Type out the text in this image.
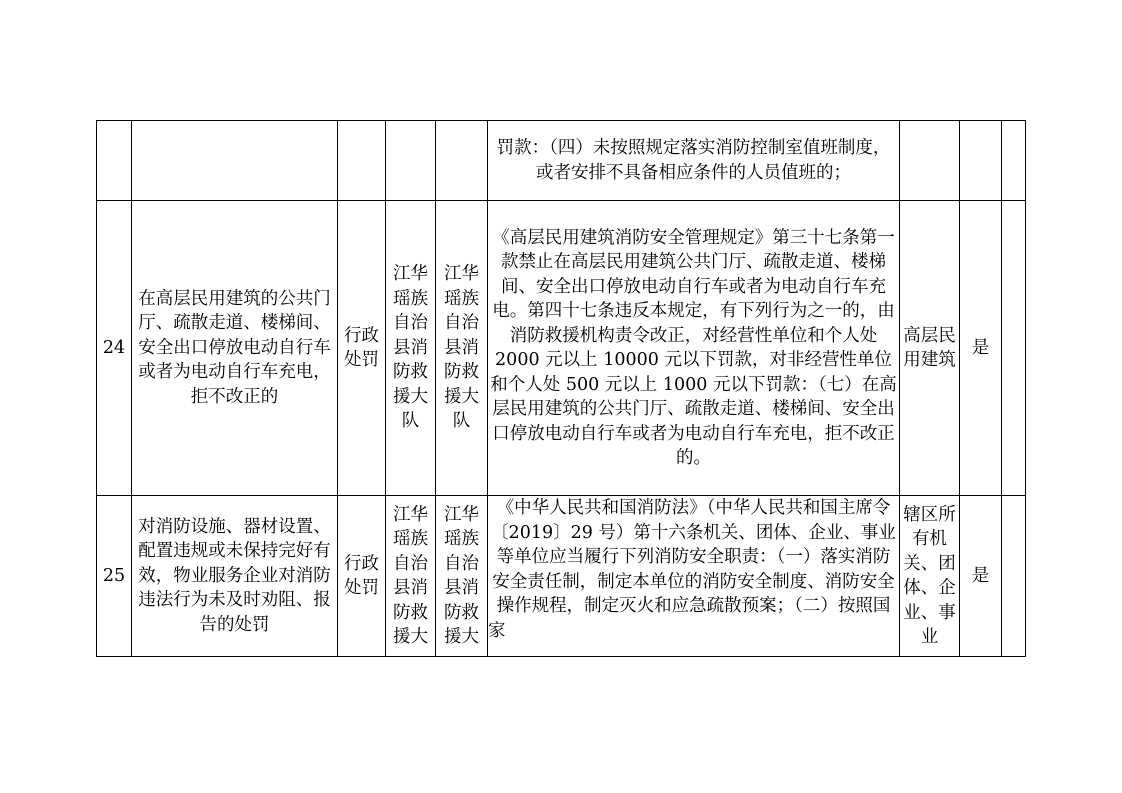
					罚款：（四）未按照规定落实消防控制室值班制度，或者安排不具备相应条件的人员值班的；			
24	在高层民用建筑的公共门厅、疏散走道、楼梯间、安全出口停放电动自行车或者为电动自行车充电，拒不改正的	行政处罚	江华瑶族自治县消防救援大队	江华瑶族自治县消防救援大队	《高层民用建筑消防安全管理规定》第三十七条第一款禁止在高层民用建筑公共门厅、疏散走道、楼梯间、安全出口停放电动自行车或者为电动自行车充电。第四十七条违反本规定，有下列行为之一的，由消防救援机构责令改正，对经营性单位和个人处 2000 元以上 10000 元以下罚款，对非经营性单位和个人处 500 元以上 1000 元以下罚款：（七）在高层民用建筑的公共门厅、疏散走道、楼梯间、安全出口停放电动自行车或者为电动自行车充电，拒不改正的。	高层民用建筑	是	
25	对消防设施、器材设置、配置违规或未保持完好有效，物业服务企业对消防违法行为未及时劝阻、报告的处罚	行政处罚	江华瑶族自治县消防救援大	江华瑶族自治县消防救援大	《中华人民共和国消防法》（中华人民共和国主席令〔2019〕29 号）第十六条机关、团体、企业、事业等单位应当履行下列消防安全职责：（一）落实消防安全责任制，制定本单位的消防安全制度、消防安全操作规程，制定灭火和应急疏散预案；（二）按照国家	辖区所有机关、团体、企业、事业	是	
